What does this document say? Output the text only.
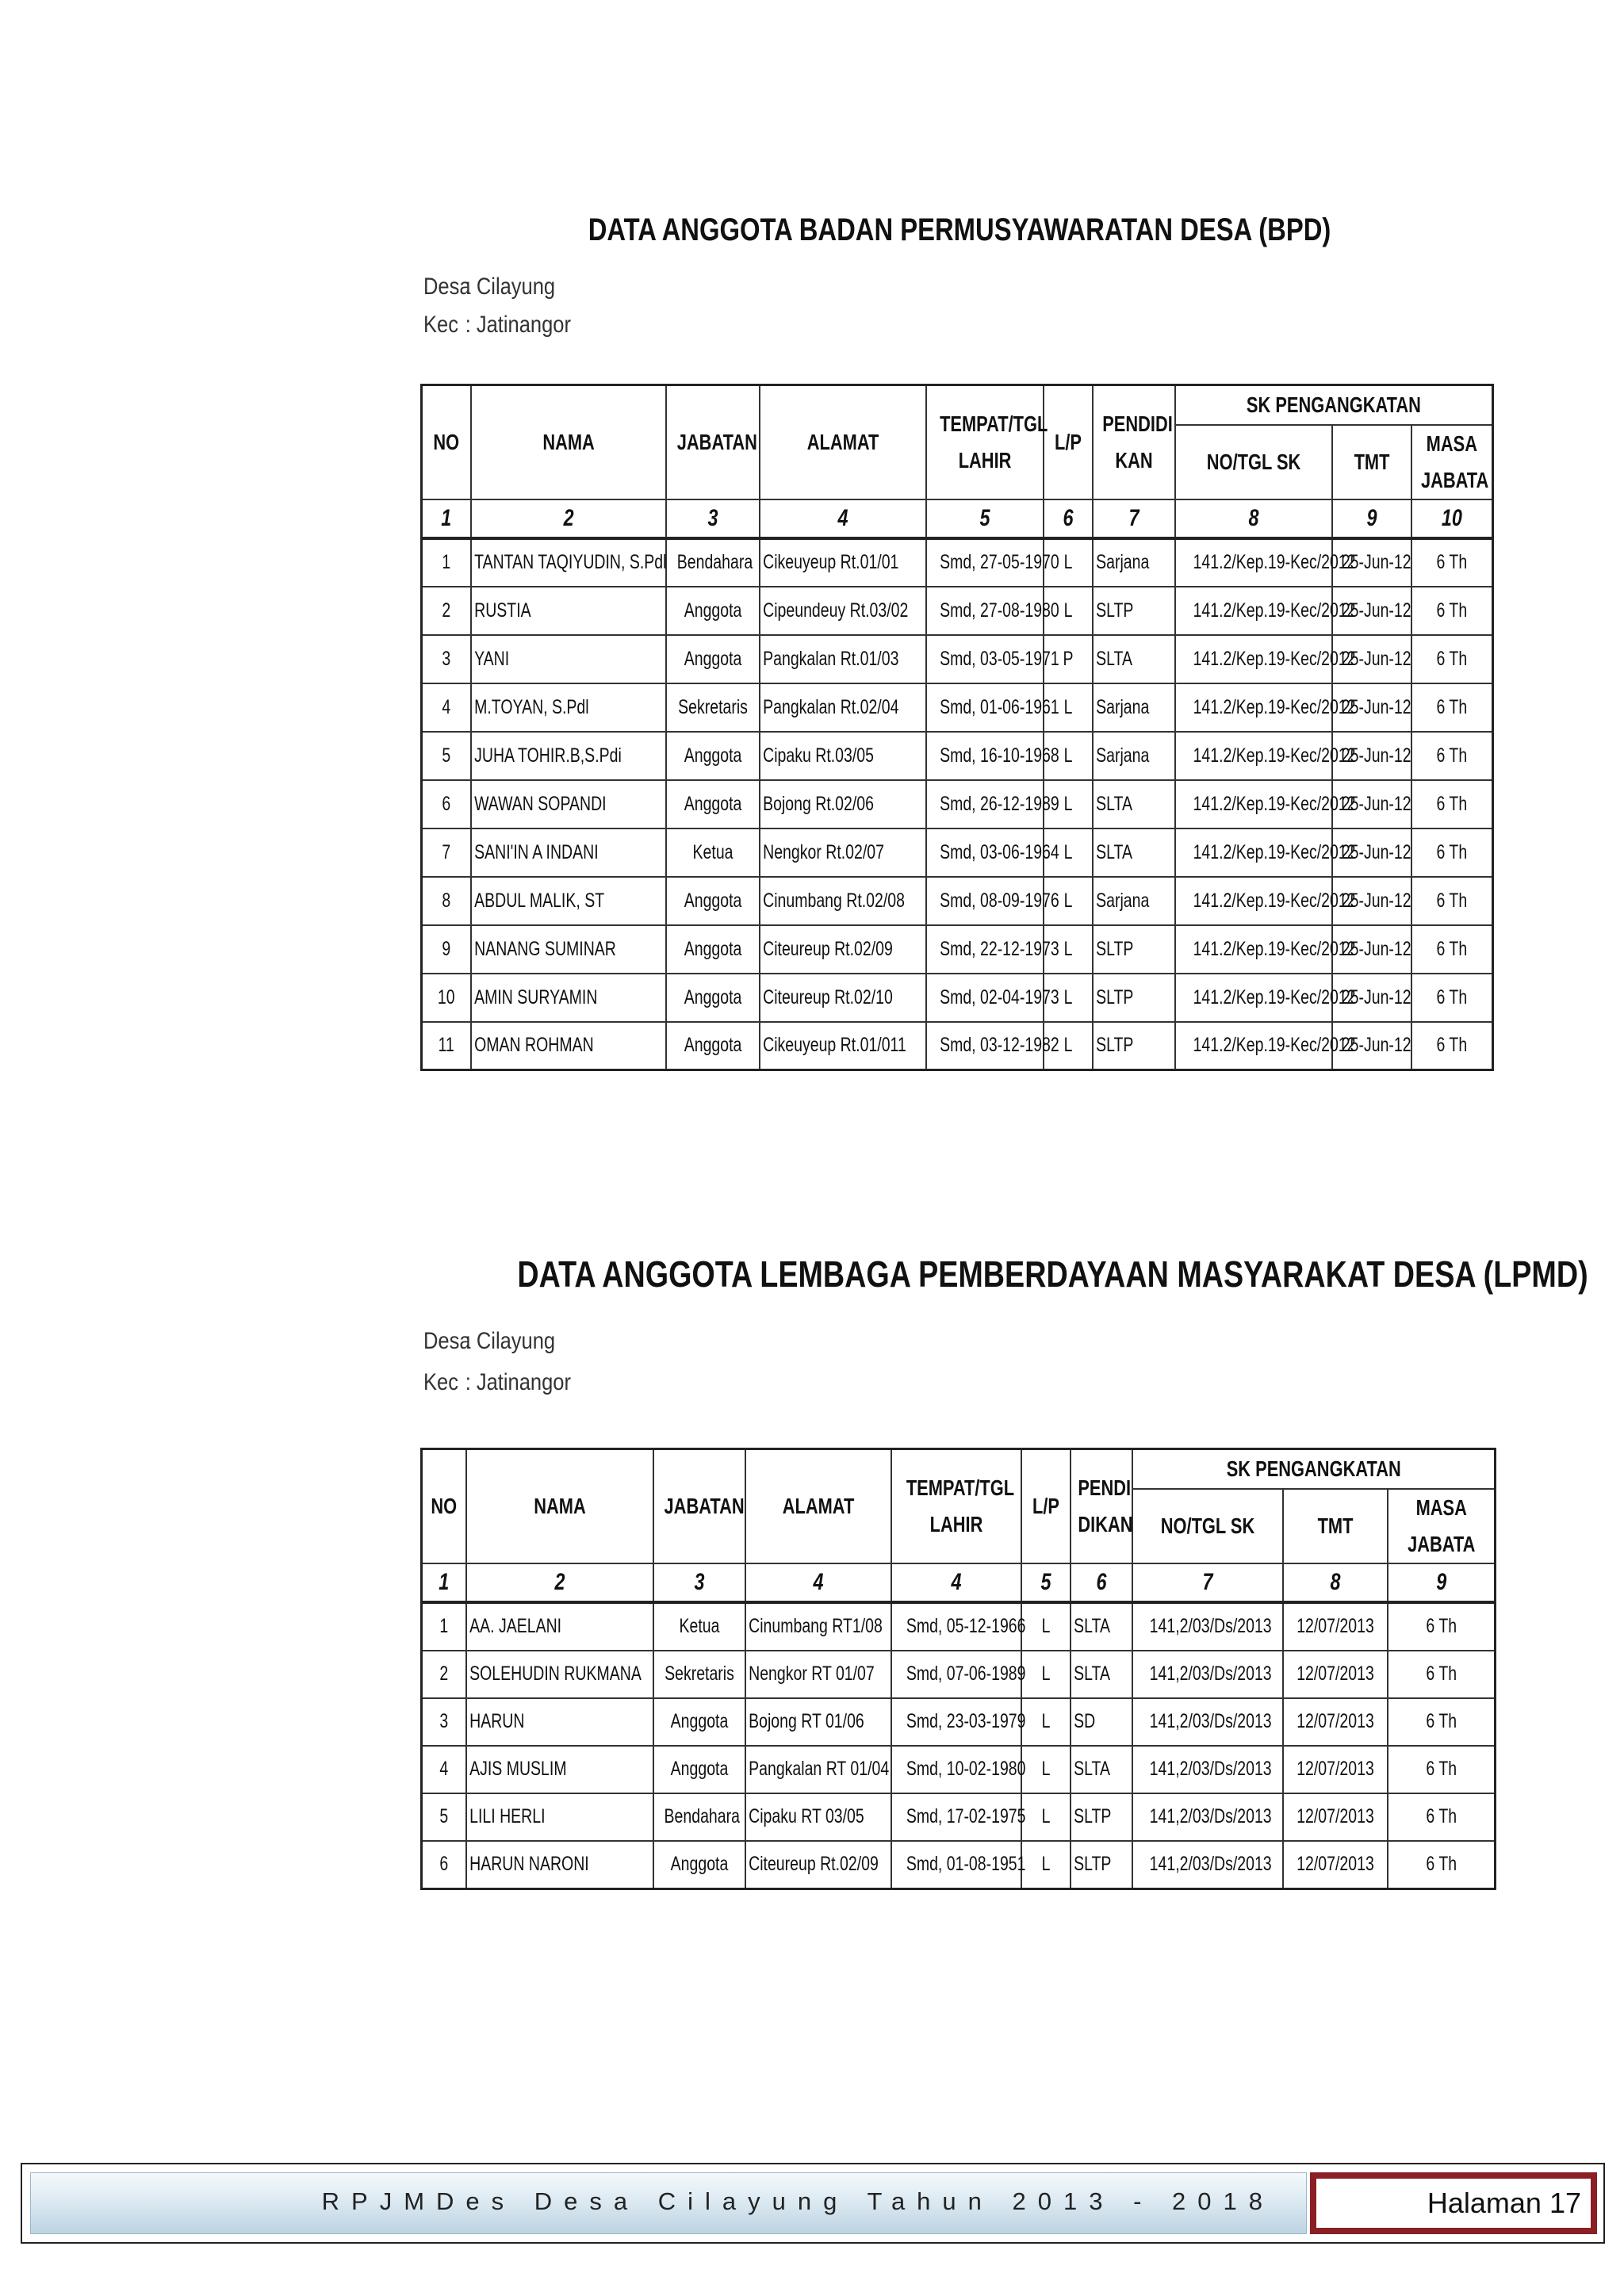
DATA ANGGOTA BADAN PERMUSYAWARATAN DESA (BPD)
Desa: Cilayung
Kec : Jatinangor
NO	NAMA	JABATAN	ALAMAT	TEMPAT/TGL
LAHIR	L/P	PENDIDI
KAN	SK PENGANGKATAN		

							NO/TGL SK	TMT	MASA
JABATA

1	2	3	4	5	6	7	8	9	10

1	TANTAN TAQIYUDIN, S.Pdl	Bendahara	Cikeuyeup Rt.01/01	Smd, 27-05-1970	L	Sarjana	141.2/Kep.19-Kec/2012	25-Jun-12	6 Th

2	RUSTIA	Anggota	Cipeundeuy Rt.03/02	Smd, 27-08-1980	L	SLTP	141.2/Kep.19-Kec/2012	25-Jun-12	6 Th

3	YANI	Anggota	Pangkalan Rt.01/03	Smd, 03-05-1971	P	SLTA	141.2/Kep.19-Kec/2012	25-Jun-12	6 Th

4	M.TOYAN, S.Pdl	Sekretaris	Pangkalan Rt.02/04	Smd, 01-06-1961	L	Sarjana	141.2/Kep.19-Kec/2012	25-Jun-12	6 Th

5	JUHA TOHIR.B,S.Pdi	Anggota	Cipaku Rt.03/05	Smd, 16-10-1968	L	Sarjana	141.2/Kep.19-Kec/2012	25-Jun-12	6 Th

6	WAWAN SOPANDI	Anggota	Bojong Rt.02/06	Smd, 26-12-1989	L	SLTA	141.2/Kep.19-Kec/2012	25-Jun-12	6 Th

7	SANI'IN A INDANI	Ketua	Nengkor Rt.02/07	Smd, 03-06-1964	L	SLTA	141.2/Kep.19-Kec/2012	25-Jun-12	6 Th

8	ABDUL MALIK, ST	Anggota	Cinumbang Rt.02/08	Smd, 08-09-1976	L	Sarjana	141.2/Kep.19-Kec/2012	25-Jun-12	6 Th

9	NANANG SUMINAR	Anggota	Citeureup Rt.02/09	Smd, 22-12-1973	L	SLTP	141.2/Kep.19-Kec/2012	25-Jun-12	6 Th

10	AMIN SURYAMIN	Anggota	Citeureup Rt.02/10	Smd, 02-04-1973	L	SLTP	141.2/Kep.19-Kec/2012	25-Jun-12	6 Th

11	OMAN ROHMAN	Anggota	Cikeuyeup Rt.01/011	Smd, 03-12-1982	L	SLTP	141.2/Kep.19-Kec/2012	25-Jun-12	6 Th
DATA ANGGOTA LEMBAGA PEMBERDAYAAN MASYARAKAT DESA (LPMD)
Desa: Cilayung
Kec : Jatinangor
NO	NAMA	JABATAN	ALAMAT	TEMPAT/TGL
LAHIR	L/P	PENDI
DIKAN	SK PENGANGKATAN		

							NO/TGL SK	TMT	MASA
JABATA

1	2	3	4	4	5	6	7	8	9

1	AA. JAELANI	Ketua	Cinumbang RT1/08	Smd, 05-12-1966	L	SLTA	141,2/03/Ds/2013	12/07/2013	6 Th

2	SOLEHUDIN RUKMANA	Sekretaris	Nengkor RT 01/07	Smd, 07-06-1989	L	SLTA	141,2/03/Ds/2013	12/07/2013	6 Th

3	HARUN	Anggota	Bojong RT 01/06	Smd, 23-03-1979	L	SD	141,2/03/Ds/2013	12/07/2013	6 Th

4	AJIS MUSLIM	Anggota	Pangkalan RT 01/04	Smd, 10-02-1980	L	SLTA	141,2/03/Ds/2013	12/07/2013	6 Th

5	LILI HERLI	Bendahara	Cipaku RT 03/05	Smd, 17-02-1975	L	SLTP	141,2/03/Ds/2013	12/07/2013	6 Th

6	HARUN NARONI	Anggota	Citeureup Rt.02/09	Smd, 01-08-1951	L	SLTP	141,2/03/Ds/2013	12/07/2013	6 Th
RPJMDes Desa Cilayung Tahun 2013 - 2018	Halaman 17
